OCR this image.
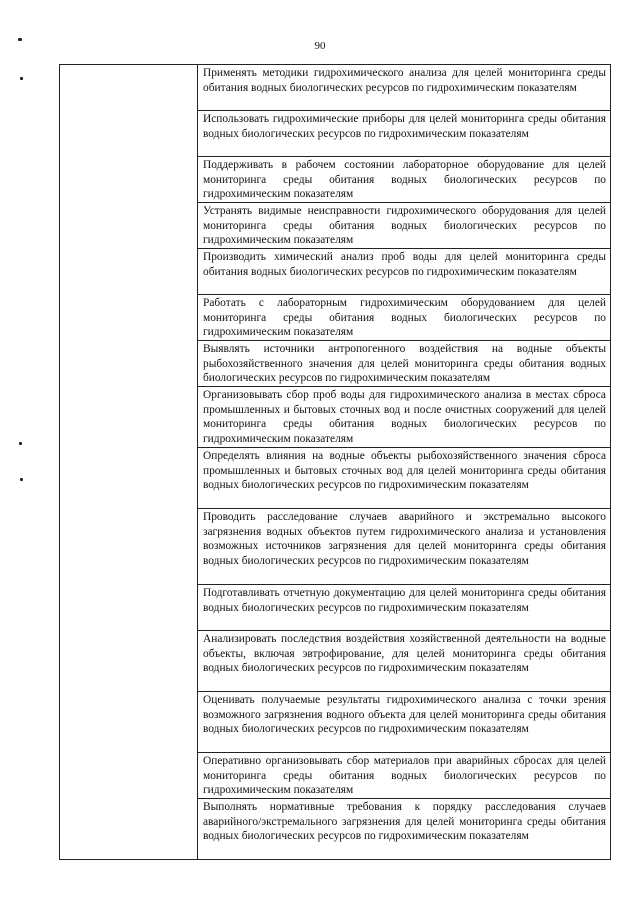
90
	Применять методики гидрохимического анализа для целей мониторинга среды обитания водных биологических ресурсов по гидрохимическим показателям
Использовать гидрохимические приборы для целей мониторинга среды обитания водных биологических ресурсов по гидрохимическим показателям
Поддерживать в рабочем состоянии лабораторное оборудование для целей мониторинга среды обитания водных биологических ресурсов по гидрохимическим показателям
Устранять видимые неисправности гидрохимического оборудования для целей мониторинга среды обитания водных биологических ресурсов по гидрохимическим показателям
Производить химический анализ проб воды для целей мониторинга среды обитания водных биологических ресурсов по гидрохимическим показателям
Работать с лабораторным гидрохимическим оборудованием для целей мониторинга среды обитания водных биологических ресурсов по гидрохимическим показателям
Выявлять источники антропогенного воздействия на водные объекты рыбохозяйственного значения для целей мониторинга среды обитания водных биологических ресурсов по гидрохимическим показателям
Организовывать сбор проб воды для гидрохимического анализа в местах сброса промышленных и бытовых сточных вод и после очистных сооружений для целей мониторинга среды обитания водных биологических ресурсов по гидрохимическим показателям
Определять влияния на водные объекты рыбохозяйственного значения сброса промышленных и бытовых сточных вод для целей мониторинга среды обитания водных биологических ресурсов по гидрохимическим показателям
Проводить расследование случаев аварийного и экстремально высокого загрязнения водных объектов путем гидрохимического анализа и установления возможных источников загрязнения для целей мониторинга среды обитания водных биологических ресурсов по гидрохимическим показателям
Подготавливать отчетную документацию для целей мониторинга среды обитания водных биологических ресурсов по гидрохимическим показателям
Анализировать последствия воздействия хозяйственной деятельности на водные объекты, включая эвтрофирование, для целей мониторинга среды обитания водных биологических ресурсов по гидрохимическим показателям
Оценивать получаемые результаты гидрохимического анализа с точки зрения возможного загрязнения водного объекта для целей мониторинга среды обитания водных биологических ресурсов по гидрохимическим показателям
Оперативно организовывать сбор материалов при аварийных сбросах для целей мониторинга среды обитания водных биологических ресурсов по гидрохимическим показателям
Выполнять нормативные требования к порядку расследования случаев аварийного/экстремального загрязнения для целей мониторинга среды обитания водных биологических ресурсов по гидрохимическим показателям
